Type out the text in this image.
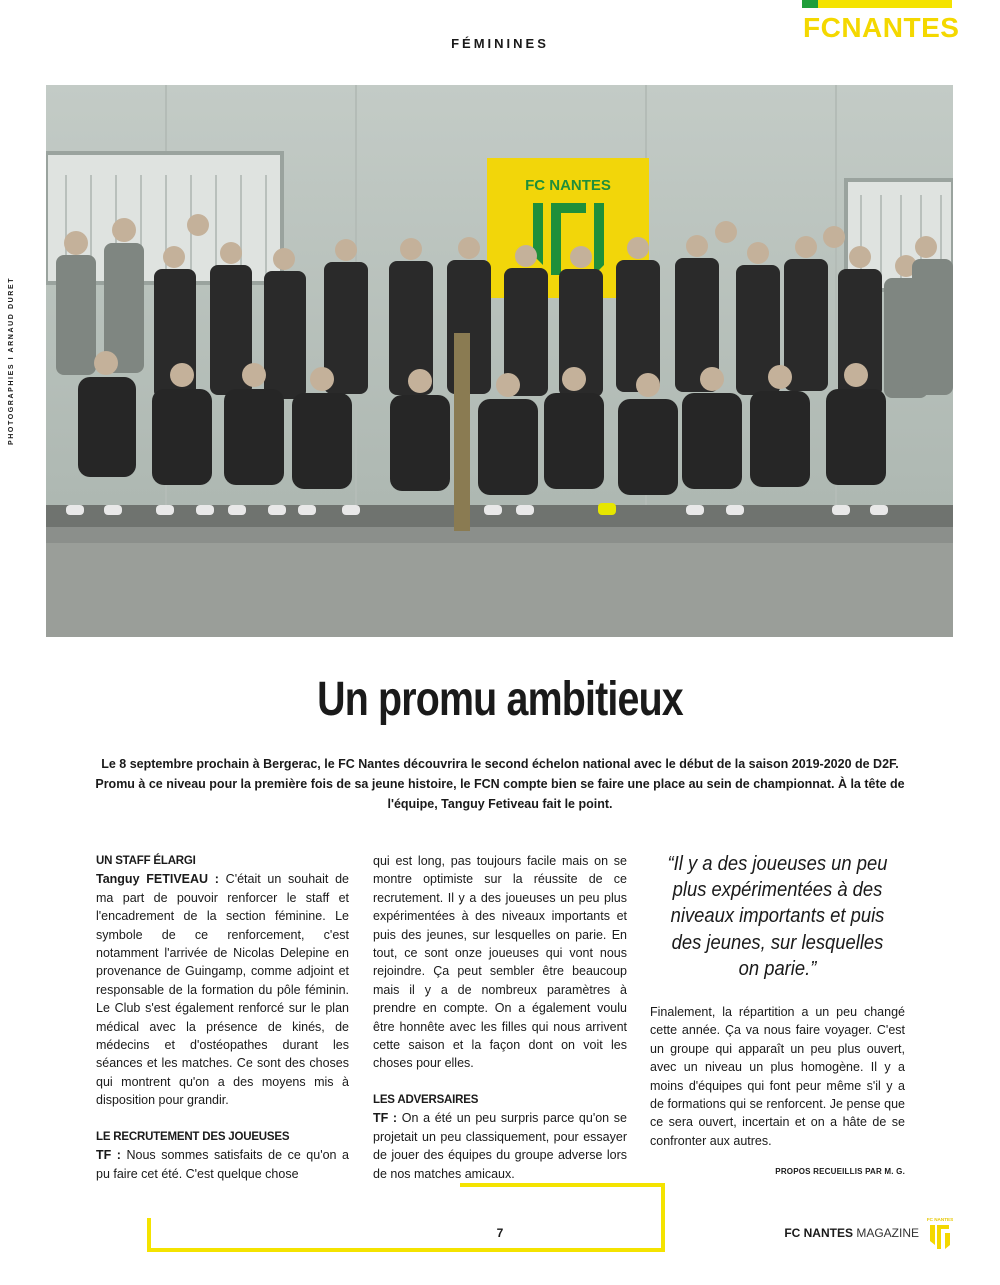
FCNANTES
FÉMININES
PHOTOGRAPHIES I ARNAUD DURET
FC NANTES
Un promu ambitieux
Le 8 septembre prochain à Bergerac, le FC Nantes découvrira le second échelon national avec le début de la saison 2019-2020 de D2F. Promu à ce niveau pour la première fois de sa jeune histoire, le FCN compte bien se faire une place au sein de championnat. À la tête de l'équipe, Tanguy Fetiveau fait le point.

UN STAFF ÉLARGI

Tanguy FETIVEAU : C'était un souhait de ma part de pouvoir renforcer le staff et l'encadrement de la section féminine. Le symbole de ce renforcement, c'est notamment l'arrivée de Nicolas Delepine en provenance de Guingamp, comme adjoint et responsable de la formation du pôle féminin. Le Club s'est également renforcé sur le plan médical avec la présence de kinés, de médecins et d'ostéopathes durant les séances et les matches. Ce sont des choses qui montrent qu'on a des moyens mis à disposition pour grandir.

LE RECRUTEMENT DES JOUEUSES

TF : Nous sommes satisfaits de ce qu'on a pu faire cet été. C'est quelque chose

qui est long, pas toujours facile mais on se montre optimiste sur la réussite de ce recrutement. Il y a des joueuses un peu plus expérimentées à des niveaux importants et puis des jeunes, sur lesquelles on parie. En tout, ce sont onze joueuses qui vont nous rejoindre. Ça peut sembler être beaucoup mais il y a de nombreux paramètres à prendre en compte. On a également voulu être honnête avec les filles qui nous arrivent cette saison et la façon dont on voit les choses pour elles.

LES ADVERSAIRES

TF : On a été un peu surpris parce qu'on se projetait un peu classiquement, pour essayer de jouer des équipes du groupe adverse lors de nos matches amicaux.

“Il y a des joueuses un peu plus expérimentées à des niveaux importants et puis des jeunes, sur lesquelles on parie.”

Finalement, la répartition a un peu changé cette année. Ça va nous faire voyager. C'est un groupe qui apparaît un peu plus ouvert, avec un niveau un plus homogène. Il y a moins d'équipes qui font peur même s'il y a de formations qui se renforcent. Je pense que ce sera ouvert, incertain et on a hâte de se confronter aux autres.

PROPOS RECUEILLIS PAR M. G.
7	FC NANTES MAGAZINE
FC NANTES
